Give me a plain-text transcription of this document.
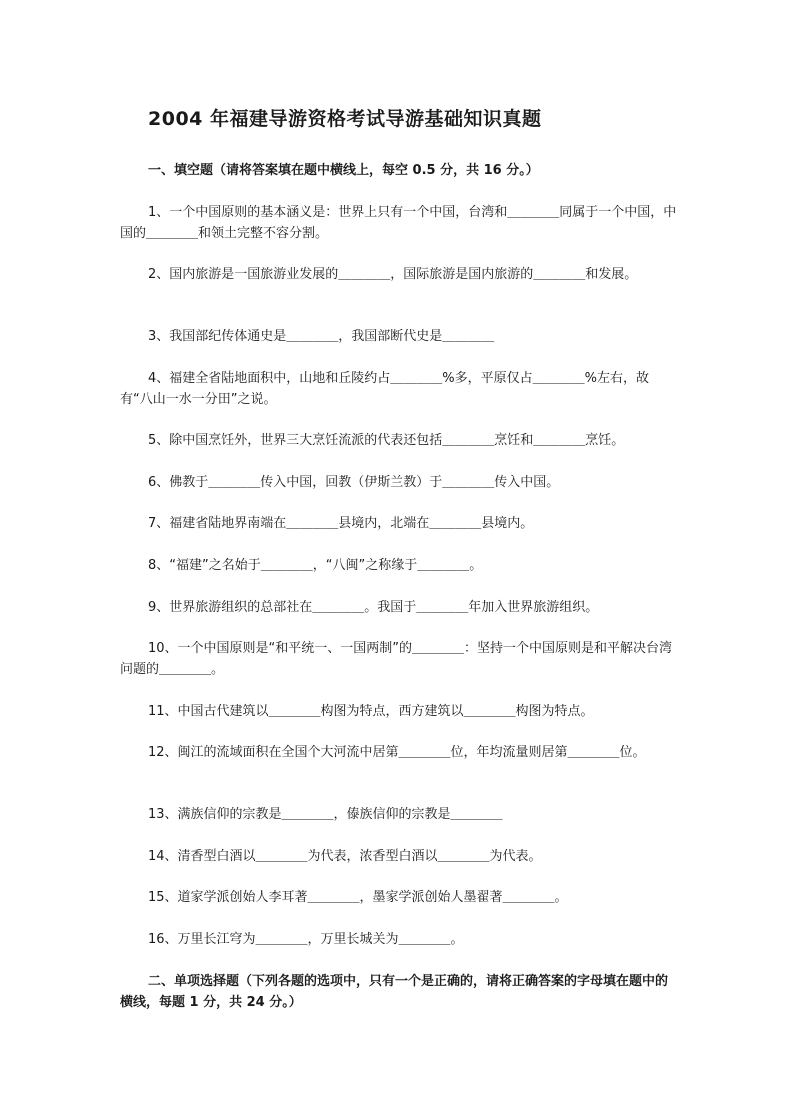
2004 年福建导游资格考试导游基础知识真题
一、填空题（请将答案填在题中横线上，每空 0.5 分，共 16 分。）
1、一个中国原则的基本涵义是：世界上只有一个中国，台湾和＿＿＿＿同属于一个中国，中国的＿＿＿＿和领土完整不容分割。
2、国内旅游是一国旅游业发展的＿＿＿＿，国际旅游是国内旅游的＿＿＿＿和发展。
3、我国部纪传体通史是＿＿＿＿，我国部断代史是＿＿＿＿
4、福建全省陆地面积中，山地和丘陵约占＿＿＿＿%多，平原仅占＿＿＿＿%左右，故有“八山一水一分田”之说。
5、除中国烹饪外，世界三大烹饪流派的代表还包括＿＿＿＿烹饪和＿＿＿＿烹饪。
6、佛教于＿＿＿＿传入中国，回教（伊斯兰教）于＿＿＿＿传入中国。
7、福建省陆地界南端在＿＿＿＿县境内，北端在＿＿＿＿县境内。
8、“福建”之名始于＿＿＿＿，“八闽”之称缘于＿＿＿＿。
9、世界旅游组织的总部社在＿＿＿＿。我国于＿＿＿＿年加入世界旅游组织。
10、一个中国原则是“和平统一、一国两制”的＿＿＿＿：坚持一个中国原则是和平解决台湾问题的＿＿＿＿。
11、中国古代建筑以＿＿＿＿构图为特点，西方建筑以＿＿＿＿构图为特点。
12、闽江的流域面积在全国个大河流中居第＿＿＿＿位，年均流量则居第＿＿＿＿位。
13、满族信仰的宗教是＿＿＿＿，傣族信仰的宗教是＿＿＿＿
14、清香型白酒以＿＿＿＿为代表，浓香型白酒以＿＿＿＿为代表。
15、道家学派创始人李耳著＿＿＿＿，墨家学派创始人墨翟著＿＿＿＿。
16、万里长江穹为＿＿＿＿，万里长城关为＿＿＿＿。
二、单项选择题（下列各题的选项中，只有一个是正确的，请将正确答案的字母填在题中的横线，每题 1 分，共 24 分。）
